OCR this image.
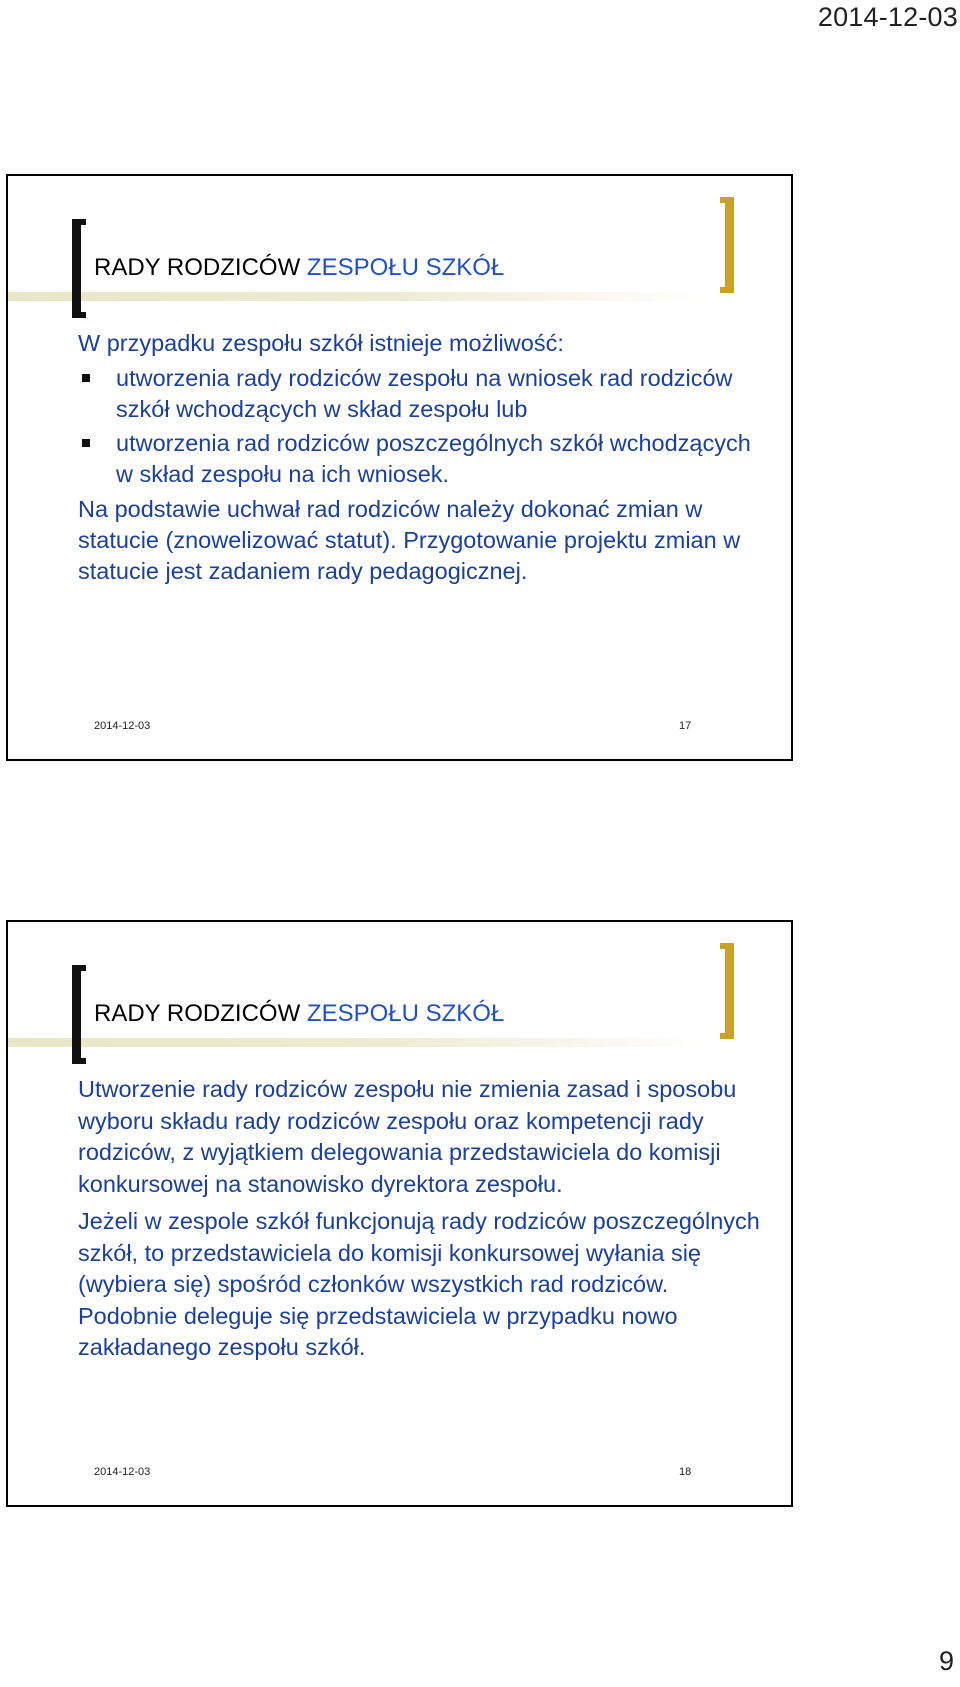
2014-12-03
RADY RODZICÓW ZESPOŁU SZKÓŁ

W przypadku zespołu szkół istnieje możliwość:

utworzenia rady rodziców zespołu na wniosek rad rodziców szkół wchodzących w skład zespołu lub
utworzenia rad rodziców poszczególnych szkół wchodzących w skład zespołu na ich wniosek.

Na podstawie uchwał rad rodziców należy dokonać zmian w statucie (znowelizować statut). Przygotowanie projektu zmian w statucie jest zadaniem rady pedagogicznej.

2014-12-03	17
RADY RODZICÓW ZESPOŁU SZKÓŁ

Utworzenie rady rodziców zespołu nie zmienia zasad i sposobu wyboru składu rady rodziców zespołu oraz kompetencji rady rodziców, z wyjątkiem delegowania przedstawiciela do komisji konkursowej na stanowisko dyrektora zespołu.

Jeżeli w zespole szkół funkcjonują rady rodziców poszczególnych szkół, to przedstawiciela do komisji konkursowej wyłania się (wybiera się) spośród członków wszystkich rad rodziców. Podobnie deleguje się przedstawiciela w przypadku nowo zakładanego zespołu szkół.

2014-12-03	18
9
